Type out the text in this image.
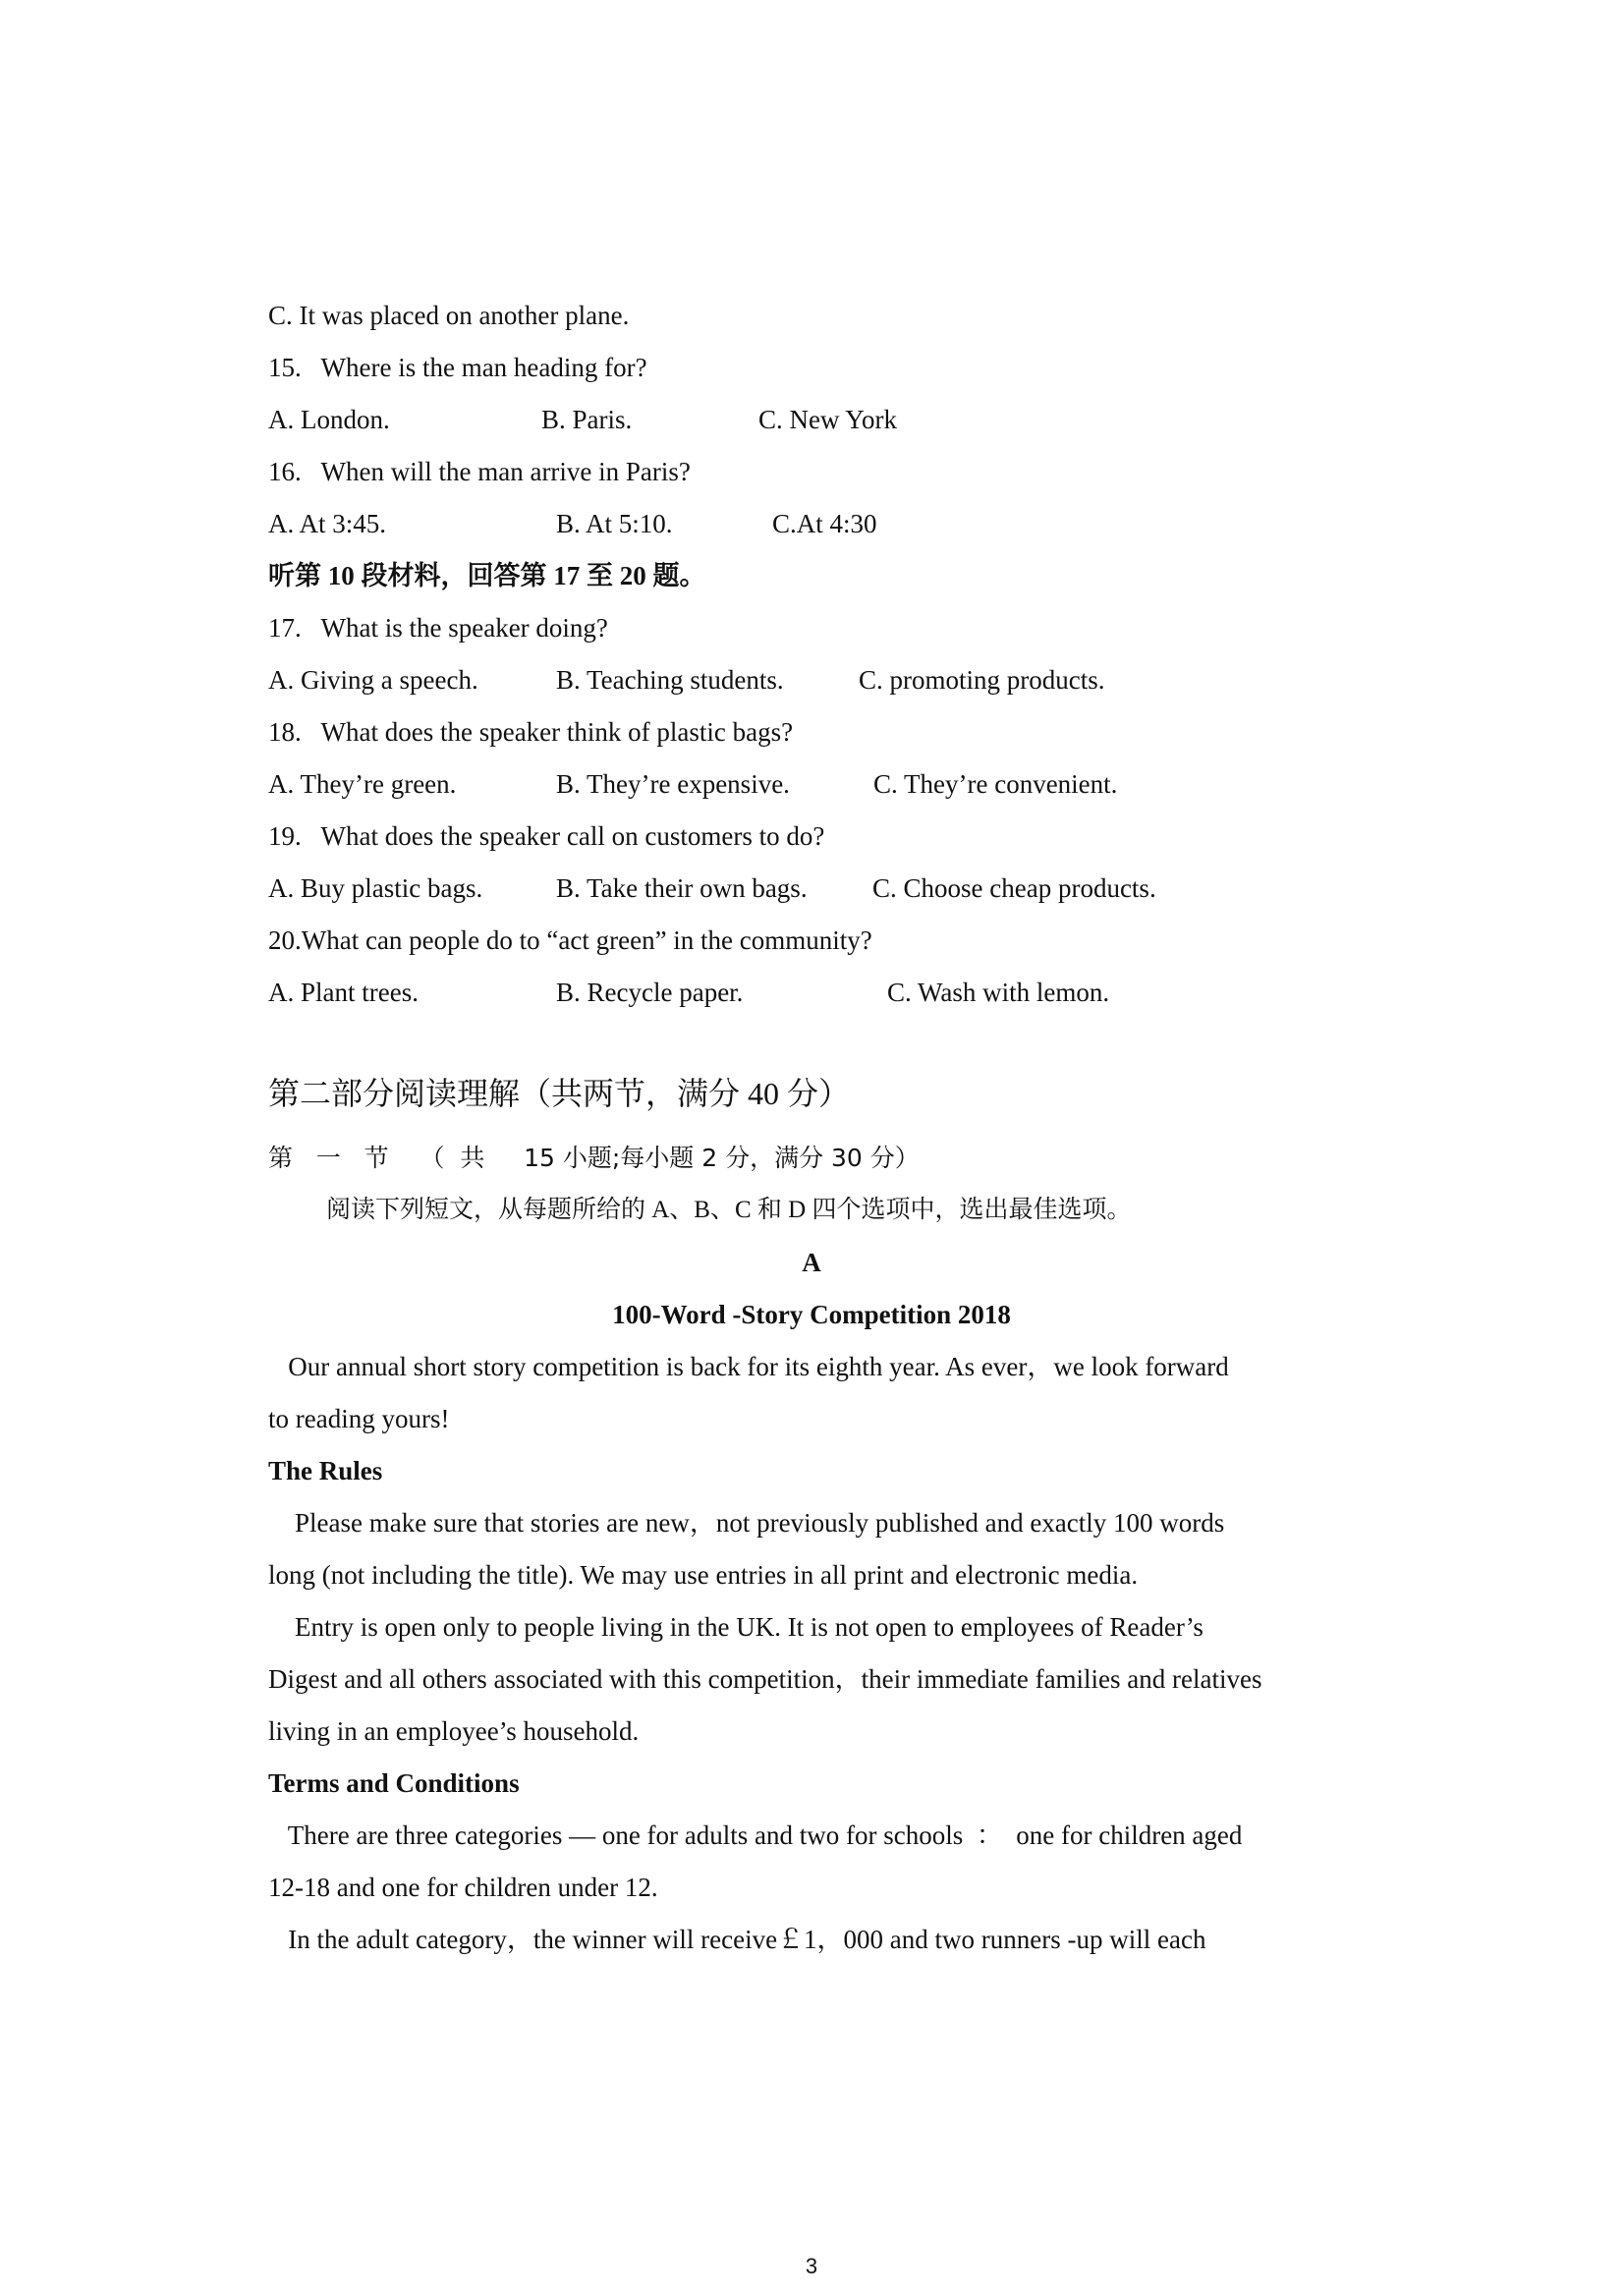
C. It was placed on another plane.
15.   Where is the man heading for?
A. London.	B. Paris.	C. New York
16.   When will the man arrive in Paris?
A. At 3:45.	B. At 5:10.	C.At 4:30
听第 10 段材料，回答第 17 至 20 题。
17.   What is the speaker doing?
A. Giving a speech.	B. Teaching students.	C. promoting products.
18.   What does the speaker think of plastic bags?
A. They’re green.	B. They’re expensive.	C. They’re convenient.
19.   What does the speaker call on customers to do?
A. Buy plastic bags.	B. Take their own bags. C. Choose cheap products.
20.What can people do to “act green” in the community?
A. Plant trees.	B. Recycle paper.	C. Wash with lemon.
第二部分阅读理解（共两节，满分 40 分）
第   一   节    （  共     15 小题;每小题 2 分，满分 30 分）
阅读下列短文，从每题所给的 A、B、C 和 D 四个选项中，选出最佳选项。
A
100-Word -Story Competition 2018
Our annual short story competition is back for its eighth year. As ever，we look forward
to reading yours!
The Rules
Please make sure that stories are new，not previously published and exactly 100 words
long (not including the title). We may use entries in all print and electronic media.
Entry is open only to people living in the UK. It is not open to employees of Reader’s
Digest and all others associated with this competition，their immediate families and relatives
living in an employee’s household.
Terms and Conditions
There are three categories — one for adults and two for schools  ：  one for children aged
12-18 and one for children under 12.
In the adult category，the winner will receive￡1，000 and two runners -up will each
3
